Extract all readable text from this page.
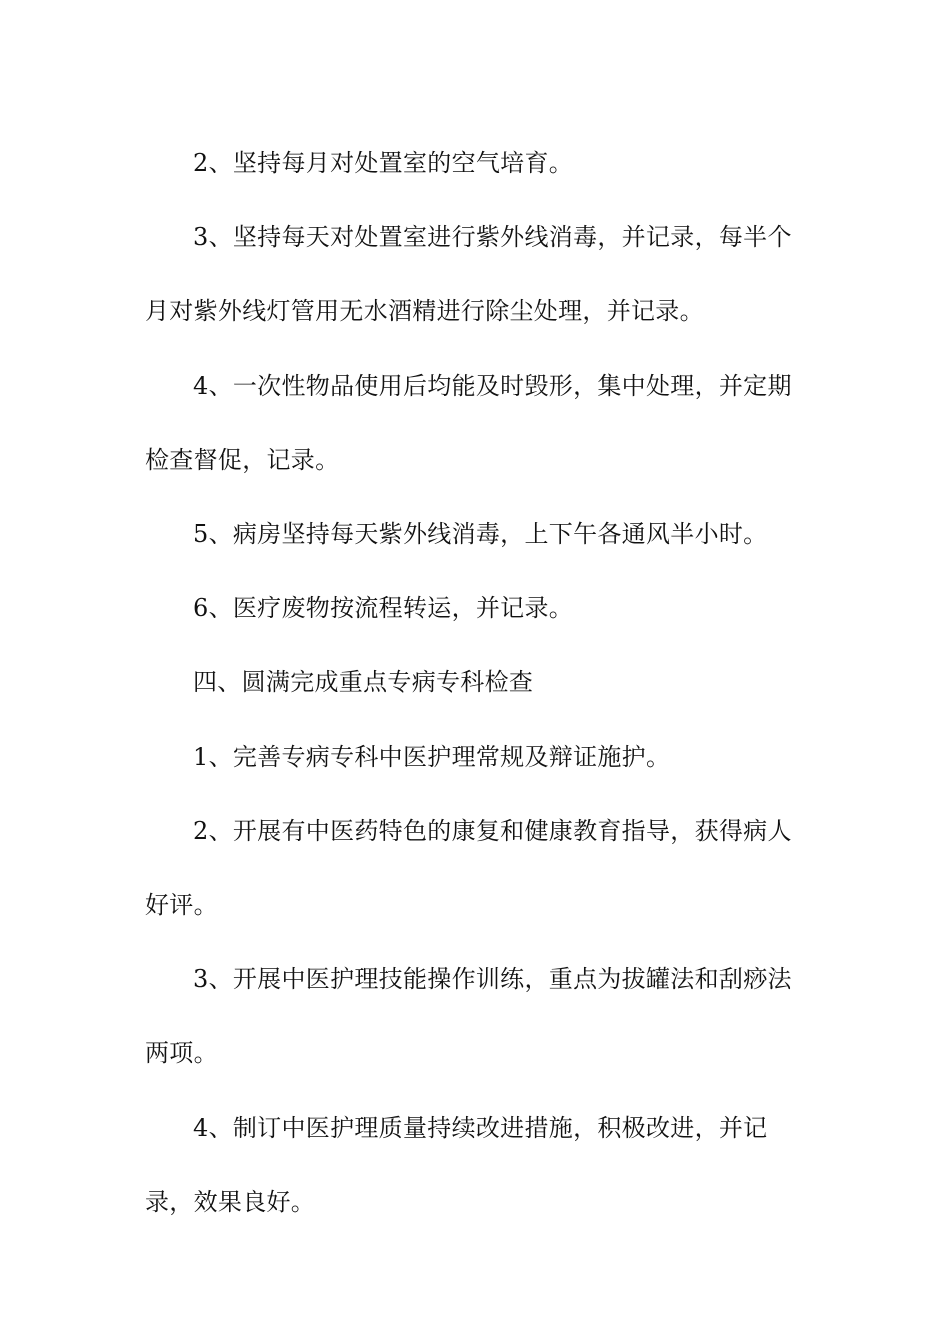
2、坚持每月对处置室的空气培育。

3、坚持每天对处置室进行紫外线消毒，并记录，每半个月对紫外线灯管用无水酒精进行除尘处理，并记录。

4、一次性物品使用后均能及时毁形，集中处理，并定期检查督促，记录。

5、病房坚持每天紫外线消毒，上下午各通风半小时。

6、医疗废物按流程转运，并记录。

四、圆满完成重点专病专科检查

1、完善专病专科中医护理常规及辩证施护。

2、开展有中医药特色的康复和健康教育指导，获得病人好评。

3、开展中医护理技能操作训练，重点为拔罐法和刮痧法两项。

4、制订中医护理质量持续改进措施，积极改进，并记录，效果良好。
